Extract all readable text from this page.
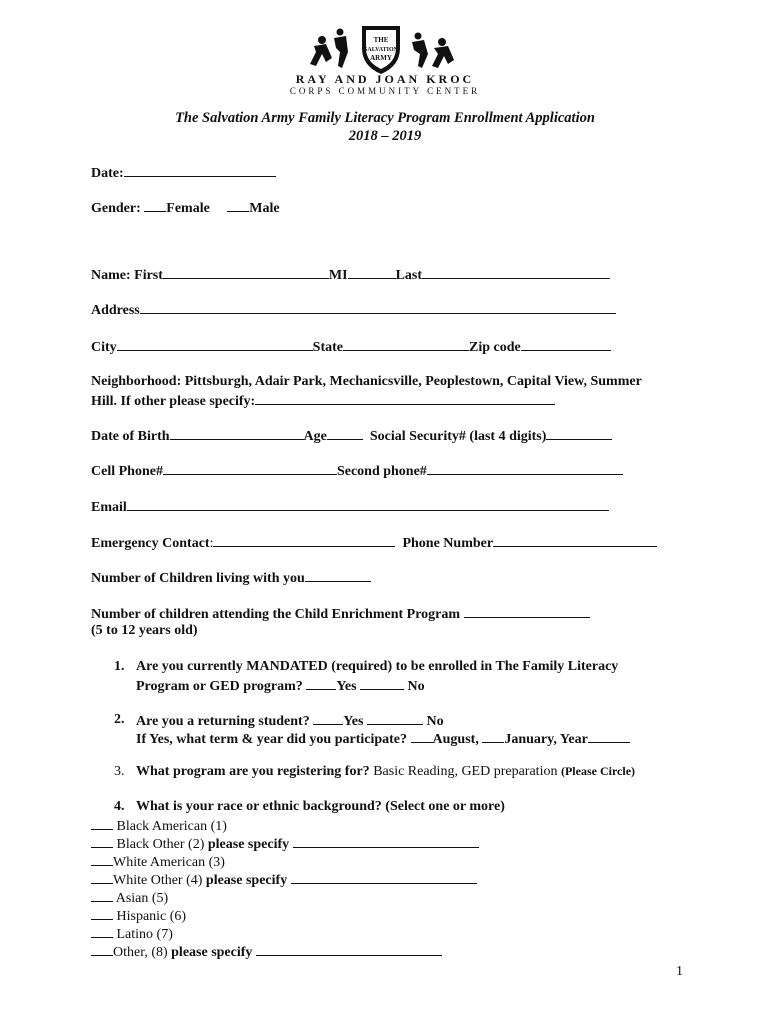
THE
SALVATION
ARMY
RAY AND JOAN KROC
CORPS COMMUNITY CENTER
The Salvation Army Family Literacy Program Enrollment Application
2018 – 2019
Date:
Gender: Female	Male
Name: First	MI	Last
Address
City	State	Zip code
Neighborhood: Pittsburgh, Adair Park, Mechanicsville, Peoplestown, Capital View, Summer
Hill. If other please specify:
Date of Birth	Age	Social Security# (last 4 digits)
Cell Phone#	Second phone#
Email
Emergency Contact:	Phone Number
Number of Children living with you
Number of children attending the Child Enrichment Program
(5 to 12 years old)
1. Are you currently MANDATED (required) to be enrolled in The Family Literacy
Program or GED program? Yes	No
2. Are you a returning student? Yes	No
If Yes, what term & year did you participate? August, January, Year
3. What program are you registering for? Basic Reading, GED preparation (Please Circle)
4. What is your race or ethnic background? (Select one or more)
Black American (1)
Black Other (2) please specify
White American (3)
White Other (4) please specify
Asian (5)
Hispanic (6)
Latino (7)
Other, (8) please specify
1
